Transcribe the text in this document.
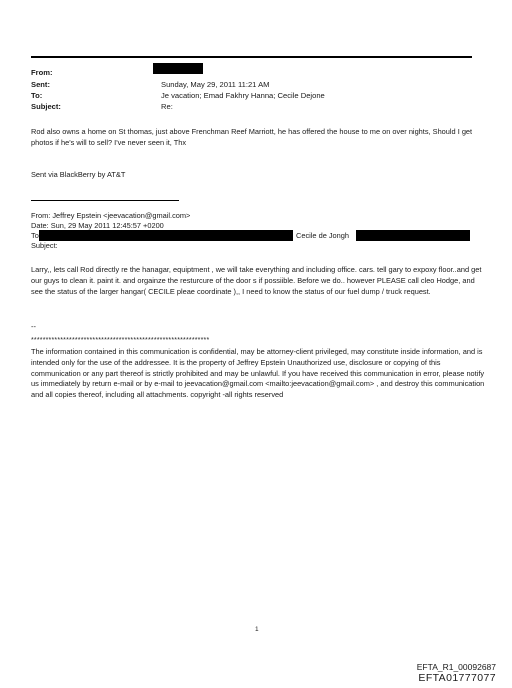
From:
Sent:	Sunday, May 29, 2011 11:21 AM
To:	Je vacation; Emad Fakhry Hanna; Cecile Dejone
Subject:	Re:
Rod also owns a home on St thomas, just above Frenchman Reef Marriott, he has offered the house to me on over nights, Should I get photos if he's will to sell? I've never seen it, Thx
Sent via BlackBerry by AT&T
From: Jeffrey Epstein <jeevacation@gmail.com>
Date: Sun, 29 May 2011 12:45:57 +0200
To	Cecile de Jongh
Subject:
Larry,, lets call Rod directly re the hanagar, equiptment , we will take everything and including office. cars. tell gary to expoxy floor..and get our guys to clean it. paint it. and orgainze the resturcure of the door s if possiible. Before we do.. however PLEASE call cleo Hodge, and see the status of the larger hangar( CECILE pleae coordinate ),, I need to know the status of our fuel dump / truck request.
--
*************************************************************
The information contained in this communication is confidential, may be attorney-client privileged, may constitute inside information, and is intended only for the use of the addressee. It is the property of Jeffrey Epstein Unauthorized use, disclosure or copying of this communication or any part thereof is strictly prohibited and may be unlawful. If you have received this communication in error, please notify us immediately by return e-mail or by e-mail to jeevacation@gmail.com <mailto:jeevacation@gmail.com> , and destroy this communication and all copies thereof, including all attachments. copyright -all rights reserved
1
EFTA_R1_00092687
EFTA01777077
